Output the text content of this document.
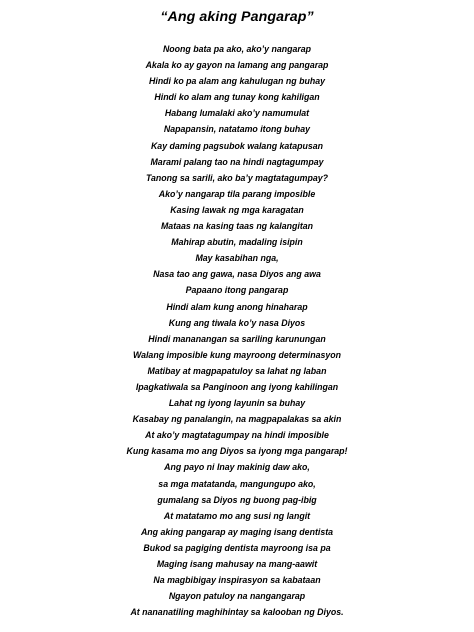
“Ang aking Pangarap”
Noong bata pa ako, ako’y nangarap
Akala ko ay gayon na lamang ang pangarap
Hindi ko pa alam ang kahulugan ng buhay
Hindi ko alam ang tunay kong kahiligan
Habang lumalaki ako’y namumulat
Napapansin, natatamo itong buhay
Kay daming pagsubok walang katapusan
Marami palang tao na hindi nagtagumpay
Tanong sa sarili, ako ba’y magtatagumpay?
Ako’y nangarap tila parang imposible
Kasing lawak ng mga karagatan
Mataas na kasing taas ng kalangitan
Mahirap abutin, madaling isipin
May kasabihan nga,
Nasa tao ang gawa, nasa Diyos ang awa
Papaano itong pangarap
Hindi alam kung anong hinaharap
Kung ang tiwala ko’y nasa Diyos
Hindi mananangan sa sariling karunungan
Walang imposible kung mayroong determinasyon
Matibay at magpapatuloy sa lahat ng laban
Ipagkatiwala sa Panginoon ang iyong kahilingan
Lahat ng iyong layunin sa buhay
Kasabay ng panalangin, na magpapalakas sa akin
At ako’y magtatagumpay na hindi imposible
Kung kasama mo ang Diyos sa iyong mga pangarap!
Ang payo ni Inay makinig daw ako,
sa mga matatanda, mangungupo ako,
gumalang sa Diyos ng buong pag-ibig
At matatamo mo ang susi ng langit
Ang aking pangarap ay maging isang dentista
Bukod sa pagiging dentista mayroong isa pa
Maging isang mahusay na mang-aawit
Na magbibigay inspirasyon sa kabataan
Ngayon patuloy na nangangarap
At nananatiling maghihintay sa kalooban ng Diyos.
